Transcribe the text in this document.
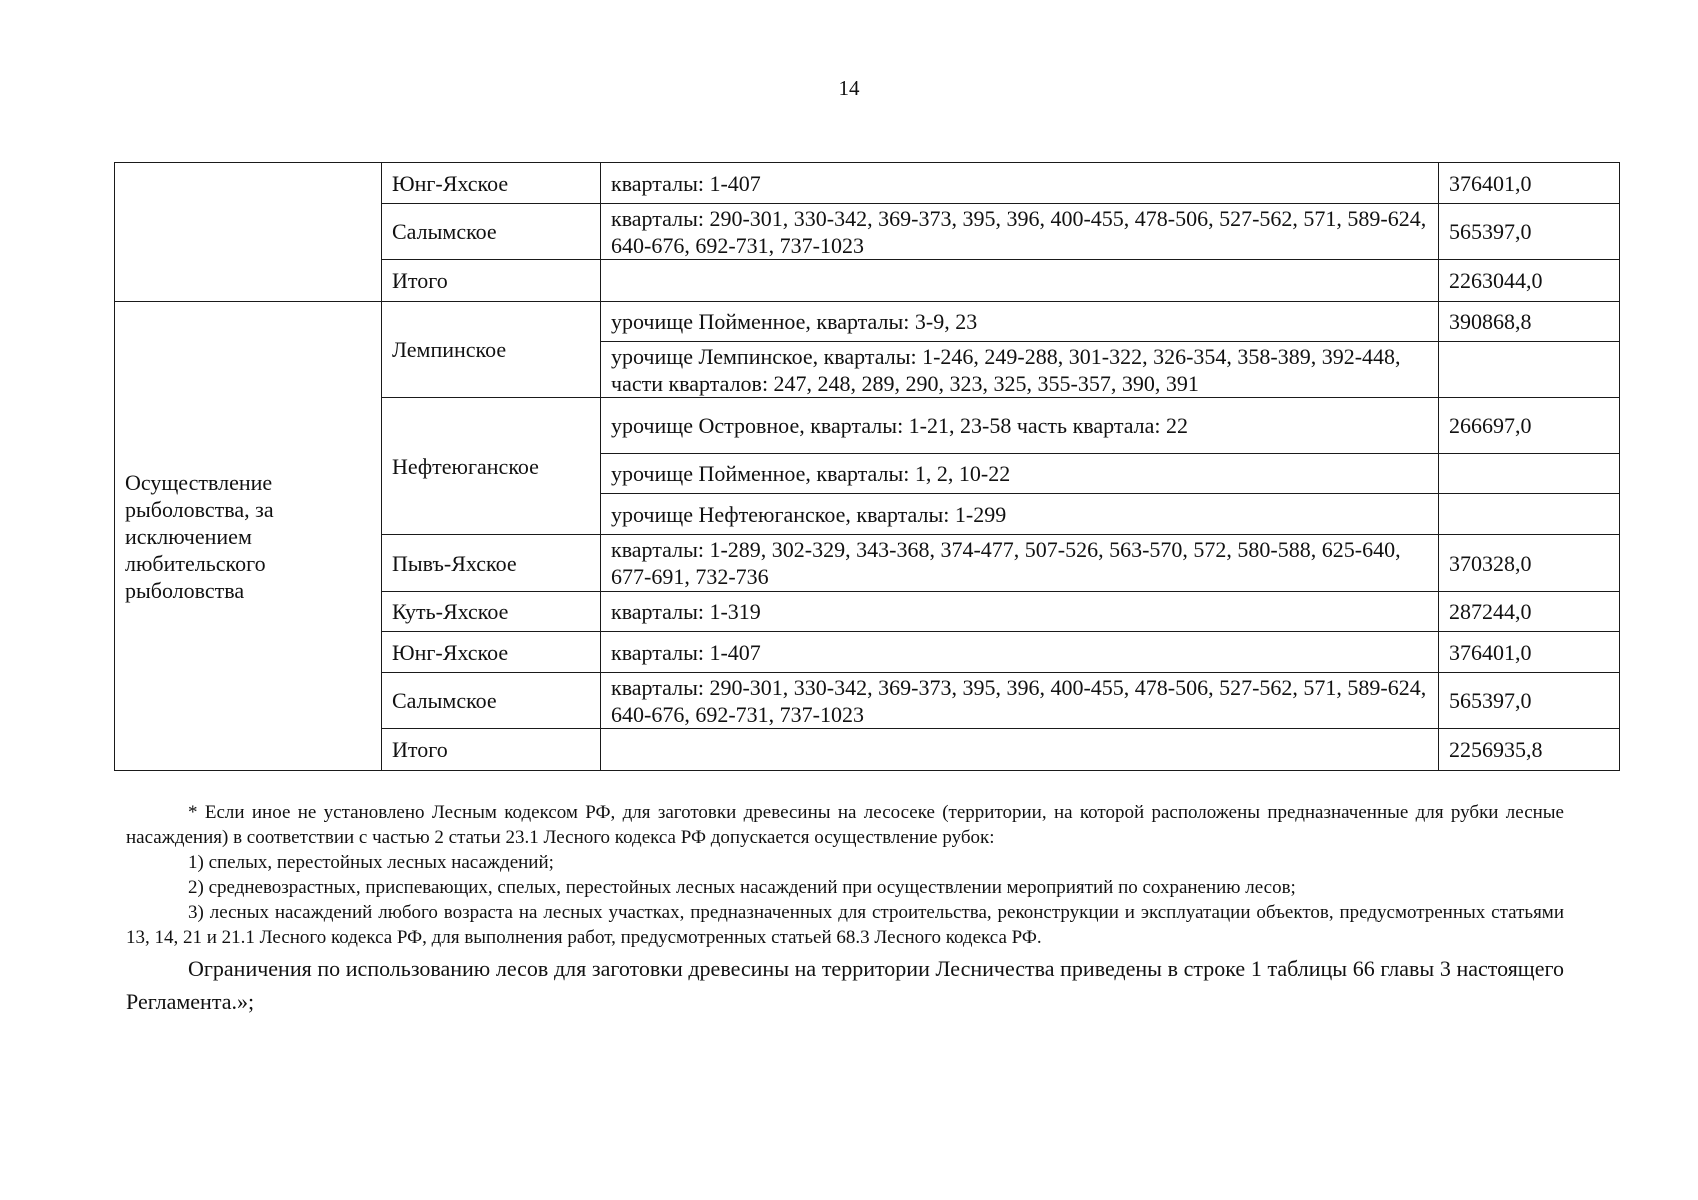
14
	Юнг-Яхское	кварталы: 1-407	376401,0
	Салымское	кварталы: 290-301, 330-342, 369-373, 395, 396, 400-455, 478-506, 527-562, 571, 589-624, 640-676, 692-731, 737-1023	565397,0
	Итого		2263044,0
Осуществление рыболовства, за исключением любительского рыболовства	Лемпинское	урочище Пойменное, кварталы: 3-9, 23	390868,8
		урочище Лемпинское, кварталы: 1-246, 249-288, 301-322, 326-354, 358-389, 392-448, части кварталов: 247, 248, 289, 290, 323, 325, 355-357, 390, 391	
	Нефтеюганское	урочище Островное, кварталы: 1-21, 23-58 часть квартала: 22	266697,0
		урочище Пойменное, кварталы: 1, 2, 10-22	
		урочище Нефтеюганское, кварталы: 1-299	
	Пывъ-Яхское	кварталы: 1-289, 302-329, 343-368, 374-477, 507-526, 563-570, 572, 580-588, 625-640, 677-691, 732-736	370328,0
	Куть-Яхское	кварталы: 1-319	287244,0
	Юнг-Яхское	кварталы: 1-407	376401,0
	Салымское	кварталы: 290-301, 330-342, 369-373, 395, 396, 400-455, 478-506, 527-562, 571, 589-624, 640-676, 692-731, 737-1023	565397,0
	Итого		2256935,8

* Если иное не установлено Лесным кодексом РФ, для заготовки древесины на лесосеке (территории, на которой расположены предназначенные для рубки лесные насаждения) в соответствии с частью 2 статьи 23.1 Лесного кодекса РФ допускается осуществление рубок:

1) спелых, перестойных лесных насаждений;

2) средневозрастных, приспевающих, спелых, перестойных лесных насаждений при осуществлении мероприятий по сохранению лесов;

3) лесных насаждений любого возраста на лесных участках, предназначенных для строительства, реконструкции и эксплуатации объектов, предусмотренных статьями 13, 14, 21 и 21.1 Лесного кодекса РФ, для выполнения работ, предусмотренных статьей 68.3 Лесного кодекса РФ.

Ограничения по использованию лесов для заготовки древесины на территории Лесничества приведены в строке 1 таблицы 66 главы 3 настоящего Регламента.»;
